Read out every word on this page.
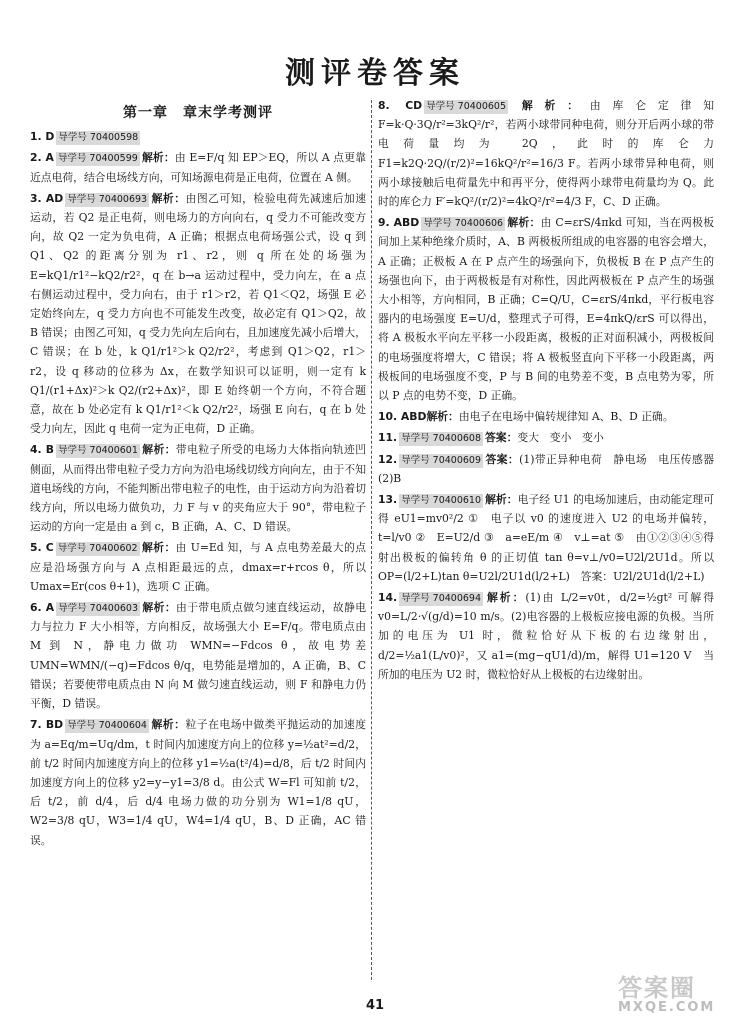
测评卷答案
第一章　章末学考测评
1. D 导学号 70400598
2. A 导学号 70400599 解析：由 E=F/q 知 EP＞EQ，所以 A 点更靠近点电荷，结合电场线方向，可知场源电荷是正电荷，位置在 A 侧。
3. AD 导学号 70400693 解析：由图乙可知，检验电荷先减速后加速运动，若 Q2 是正电荷，则电场力的方向向右，q 受力不可能改变方向，故 Q2 一定为负电荷，A 正确；根据点电荷场强公式，设 q 到 Q1、Q2 的距离分别为 r1、r2，则 q 所在处的场强为 E=kQ1/r1²−kQ2/r2²，q 在 b→a 运动过程中，受力向左，在 a 点右侧运动过程中，受力向右，由于 r1＞r2，若 Q1＜Q2，场强 E 必定始终向左，q 受力方向也不可能发生改变，故必定有 Q1＞Q2，故 B 错误；由图乙可知，q 受力先向左后向右，且加速度先减小后增大，C 错误；在 b 处，k Q1/r1²＞k Q2/r2²，考虑到 Q1＞Q2，r1＞r2，设 q 移动的位移为 Δx，在数学知识可以证明，则一定有 k Q1/(r1+Δx)²＞k Q2/(r2+Δx)²，即 E 始终朝一个方向，不符合题意，故在 b 处必定有 k Q1/r1²＜k Q2/r2²，场强 E 向右，q 在 b 处受力向左，因此 q 电荷一定为正电荷，D 正确。
4. B 导学号 70400601 解析：带电粒子所受的电场力大体指向轨迹凹侧面，从而得出带电粒子受力方向为沿电场线切线方向向左，由于不知道电场线的方向，不能判断出带电粒子的电性，由于运动方向为沿着切线方向，所以电场力做负功，力 F 与 v 的夹角应大于 90°，带电粒子运动的方向一定是由 a 到 c，B 正确，A、C、D 错误。
5. C 导学号 70400602 解析：由 U=Ed 知，与 A 点电势差最大的点应是沿场强方向与 A 点相距最远的点，dmax=r+rcos θ，所以 Umax=Er(cos θ+1)，选项 C 正确。
6. A 导学号 70400603 解析：由于带电质点做匀速直线运动，故静电力与拉力 F 大小相等，方向相反，故场强大小 E=F/q。带电质点由 M 到 N，静电力做功 WMN=−Fdcos θ，故电势差 UMN=WMN/(−q)=Fdcos θ/q，电势能是增加的，A 正确，B、C 错误；若要使带电质点由 N 向 M 做匀速直线运动，则 F 和静电力仍平衡，D 错误。
7. BD 导学号 70400604 解析：粒子在电场中做类平抛运动的加速度为 a=Eq/m=Uq/dm，t 时间内加速度方向上的位移 y=½at²=d/2，前 t/2 时间内加速度方向上的位移 y1=½a(t²/4)=d/8，后 t/2 时间内加速度方向上的位移 y2=y−y1=3/8 d。由公式 W=Fl 可知前 t/2，后 t/2，前 d/4，后 d/4 电场力做的功分别为 W1=1/8 qU，W2=3/8 qU，W3=1/4 qU，W4=1/4 qU，B、D 正确，AC 错误。
8. CD 导学号 70400605 解析：由库仑定律知 F=k·Q·3Q/r²=3kQ²/r²，若两小球带同种电荷，则分开后两小球的带电荷量均为 2Q，此时的库仑力 F1=k2Q·2Q/(r/2)²=16kQ²/r²=16/3 F。若两小球带异种电荷，则两小球接触后电荷量先中和再平分，使得两小球带电荷量均为 Q。此时的库仑力 F′=kQ²/(r/2)²=4kQ²/r²=4/3 F，C、D 正确。
9. ABD 导学号 70400606 解析：由 C=εrS/4πkd 可知，当在两极板间加上某种绝缘介质时，A、B 两极板所组成的电容器的电容会增大，A 正确；正极板 A 在 P 点产生的场强向下，负极板 B 在 P 点产生的场强也向下，由于两极板是有对称性，因此两极板在 P 点产生的场强大小相等，方向相同，B 正确；C=Q/U，C=εrS/4πkd，平行板电容器内的电场强度 E=U/d，整理式子可得，E=4πkQ/εrS 可以得出，将 A 极板水平向左平移一小段距离，极板的正对面积减小，两极板间的电场强度将增大，C 错误；将 A 极板竖直向下平移一小段距离，两极板间的电场强度不变，P 与 B 间的电势差不变，B 点电势为零，所以 P 点的电势不变，D 正确。
10. ABD解析：由电子在电场中偏转规律知 A、B、D 正确。
11. 导学号 70400608 答案：变大　变小　变小
12. 导学号 70400609 答案：(1)带正异种电荷　静电场　电压传感器　(2)B
13. 导学号 70400610 解析：电子经 U1 的电场加速后，由动能定理可得 eU1=mv0²/2 ①　电子以 v0 的速度进入 U2 的电场并偏转，t=l/v0 ②　E=U2/d ③　a=eE/m ④　v⊥=at ⑤　由①②③④⑤得射出极板的偏转角 θ 的正切值 tan θ=v⊥/v0=U2l/2U1d。所以 OP=(l/2+L)tan θ=U2l/2U1d(l/2+L)　答案：U2l/2U1d(l/2+L)
14. 导学号 70400694 解析：(1)由 L/2=v0t，d/2=½gt² 可解得 v0=L/2·√(g/d)=10 m/s。(2)电容器的上极板应接电源的负极。当所加的电压为 U1 时，微粒恰好从下板的右边缘射出，d/2=½a1(L/v0)²，又 a1=(mg−qU1/d)/m，解得 U1=120 V　当所加的电压为 U2 时，微粒恰好从上极板的右边缘射出。
41
答案圈
MXQE.COM
